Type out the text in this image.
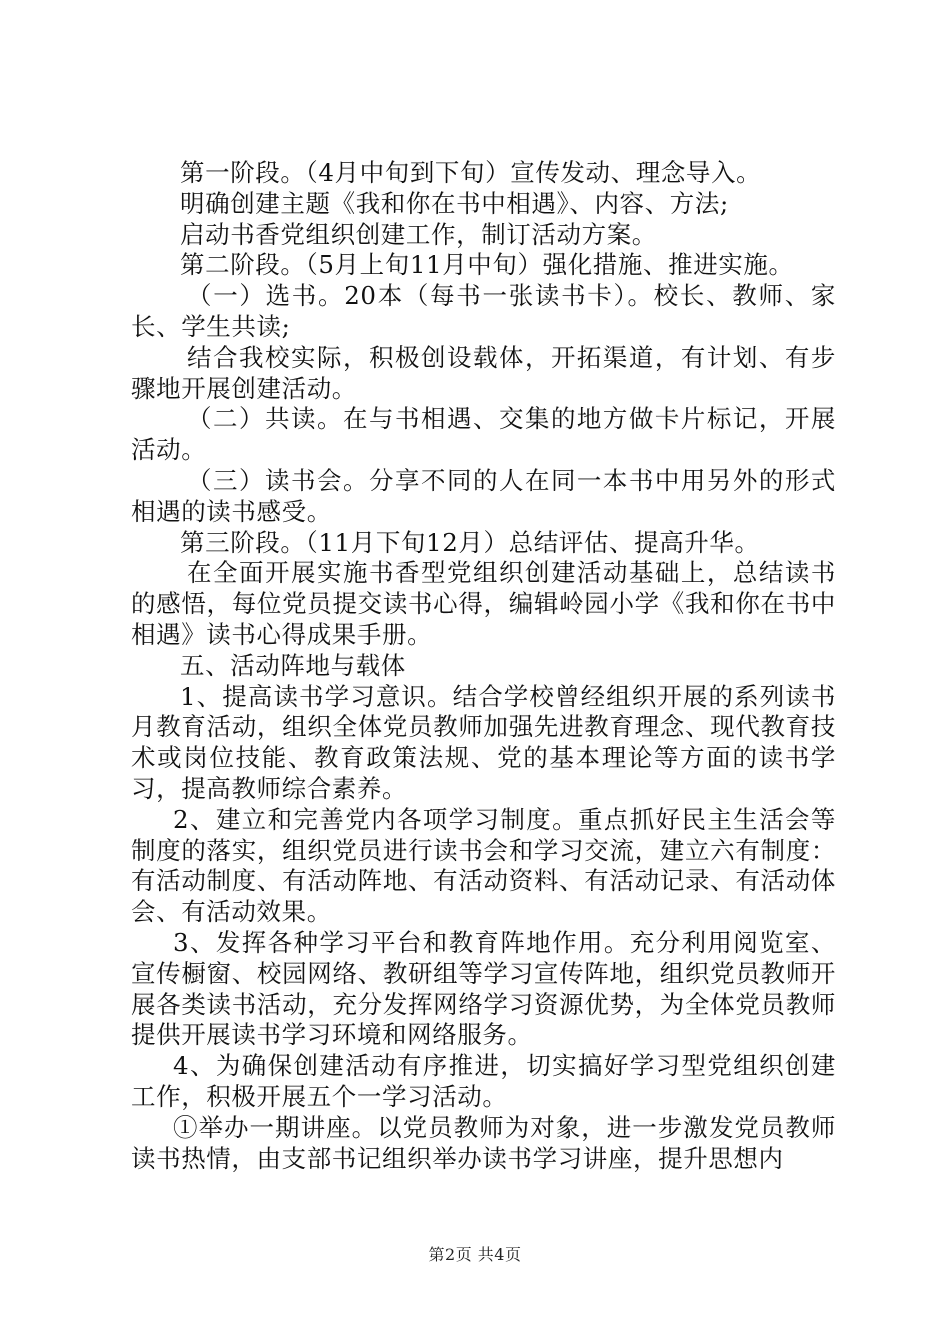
第一阶段。（4月中旬到下旬）宣传发动、理念导入。

明确创建主题《我和你在书中相遇》、内容、方法;

启动书香党组织创建工作，制订活动方案。

第二阶段。（5月上旬11月中旬）强化措施、推进实施。

（一）选书。20本（每书一张读书卡）。校长、教师、家长、学生共读;

结合我校实际，积极创设载体，开拓渠道，有计划、有步骤地开展创建活动。

（二）共读。在与书相遇、交集的地方做卡片标记，开展活动。

（三）读书会。分享不同的人在同一本书中用另外的形式相遇的读书感受。

第三阶段。（11月下旬12月）总结评估、提高升华。

在全面开展实施书香型党组织创建活动基础上，总结读书的感悟，每位党员提交读书心得，编辑岭园小学《我和你在书中相遇》读书心得成果手册。

五、活动阵地与载体

1、提高读书学习意识。结合学校曾经组织开展的系列读书月教育活动，组织全体党员教师加强先进教育理念、现代教育技术或岗位技能、教育政策法规、党的基本理论等方面的读书学习，提高教师综合素养。

2、建立和完善党内各项学习制度。重点抓好民主生活会等制度的落实，组织党员进行读书会和学习交流，建立六有制度：有活动制度、有活动阵地、有活动资料、有活动记录、有活动体会、有活动效果。

3、发挥各种学习平台和教育阵地作用。充分利用阅览室、宣传橱窗、校园网络、教研组等学习宣传阵地，组织党员教师开展各类读书活动，充分发挥网络学习资源优势，为全体党员教师提供开展读书学习环境和网络服务。

4、为确保创建活动有序推进，切实搞好学习型党组织创建工作，积极开展五个一学习活动。

①举办一期讲座。以党员教师为对象，进一步激发党员教师读书热情，由支部书记组织举办读书学习讲座，提升思想内

第2页 共4页
